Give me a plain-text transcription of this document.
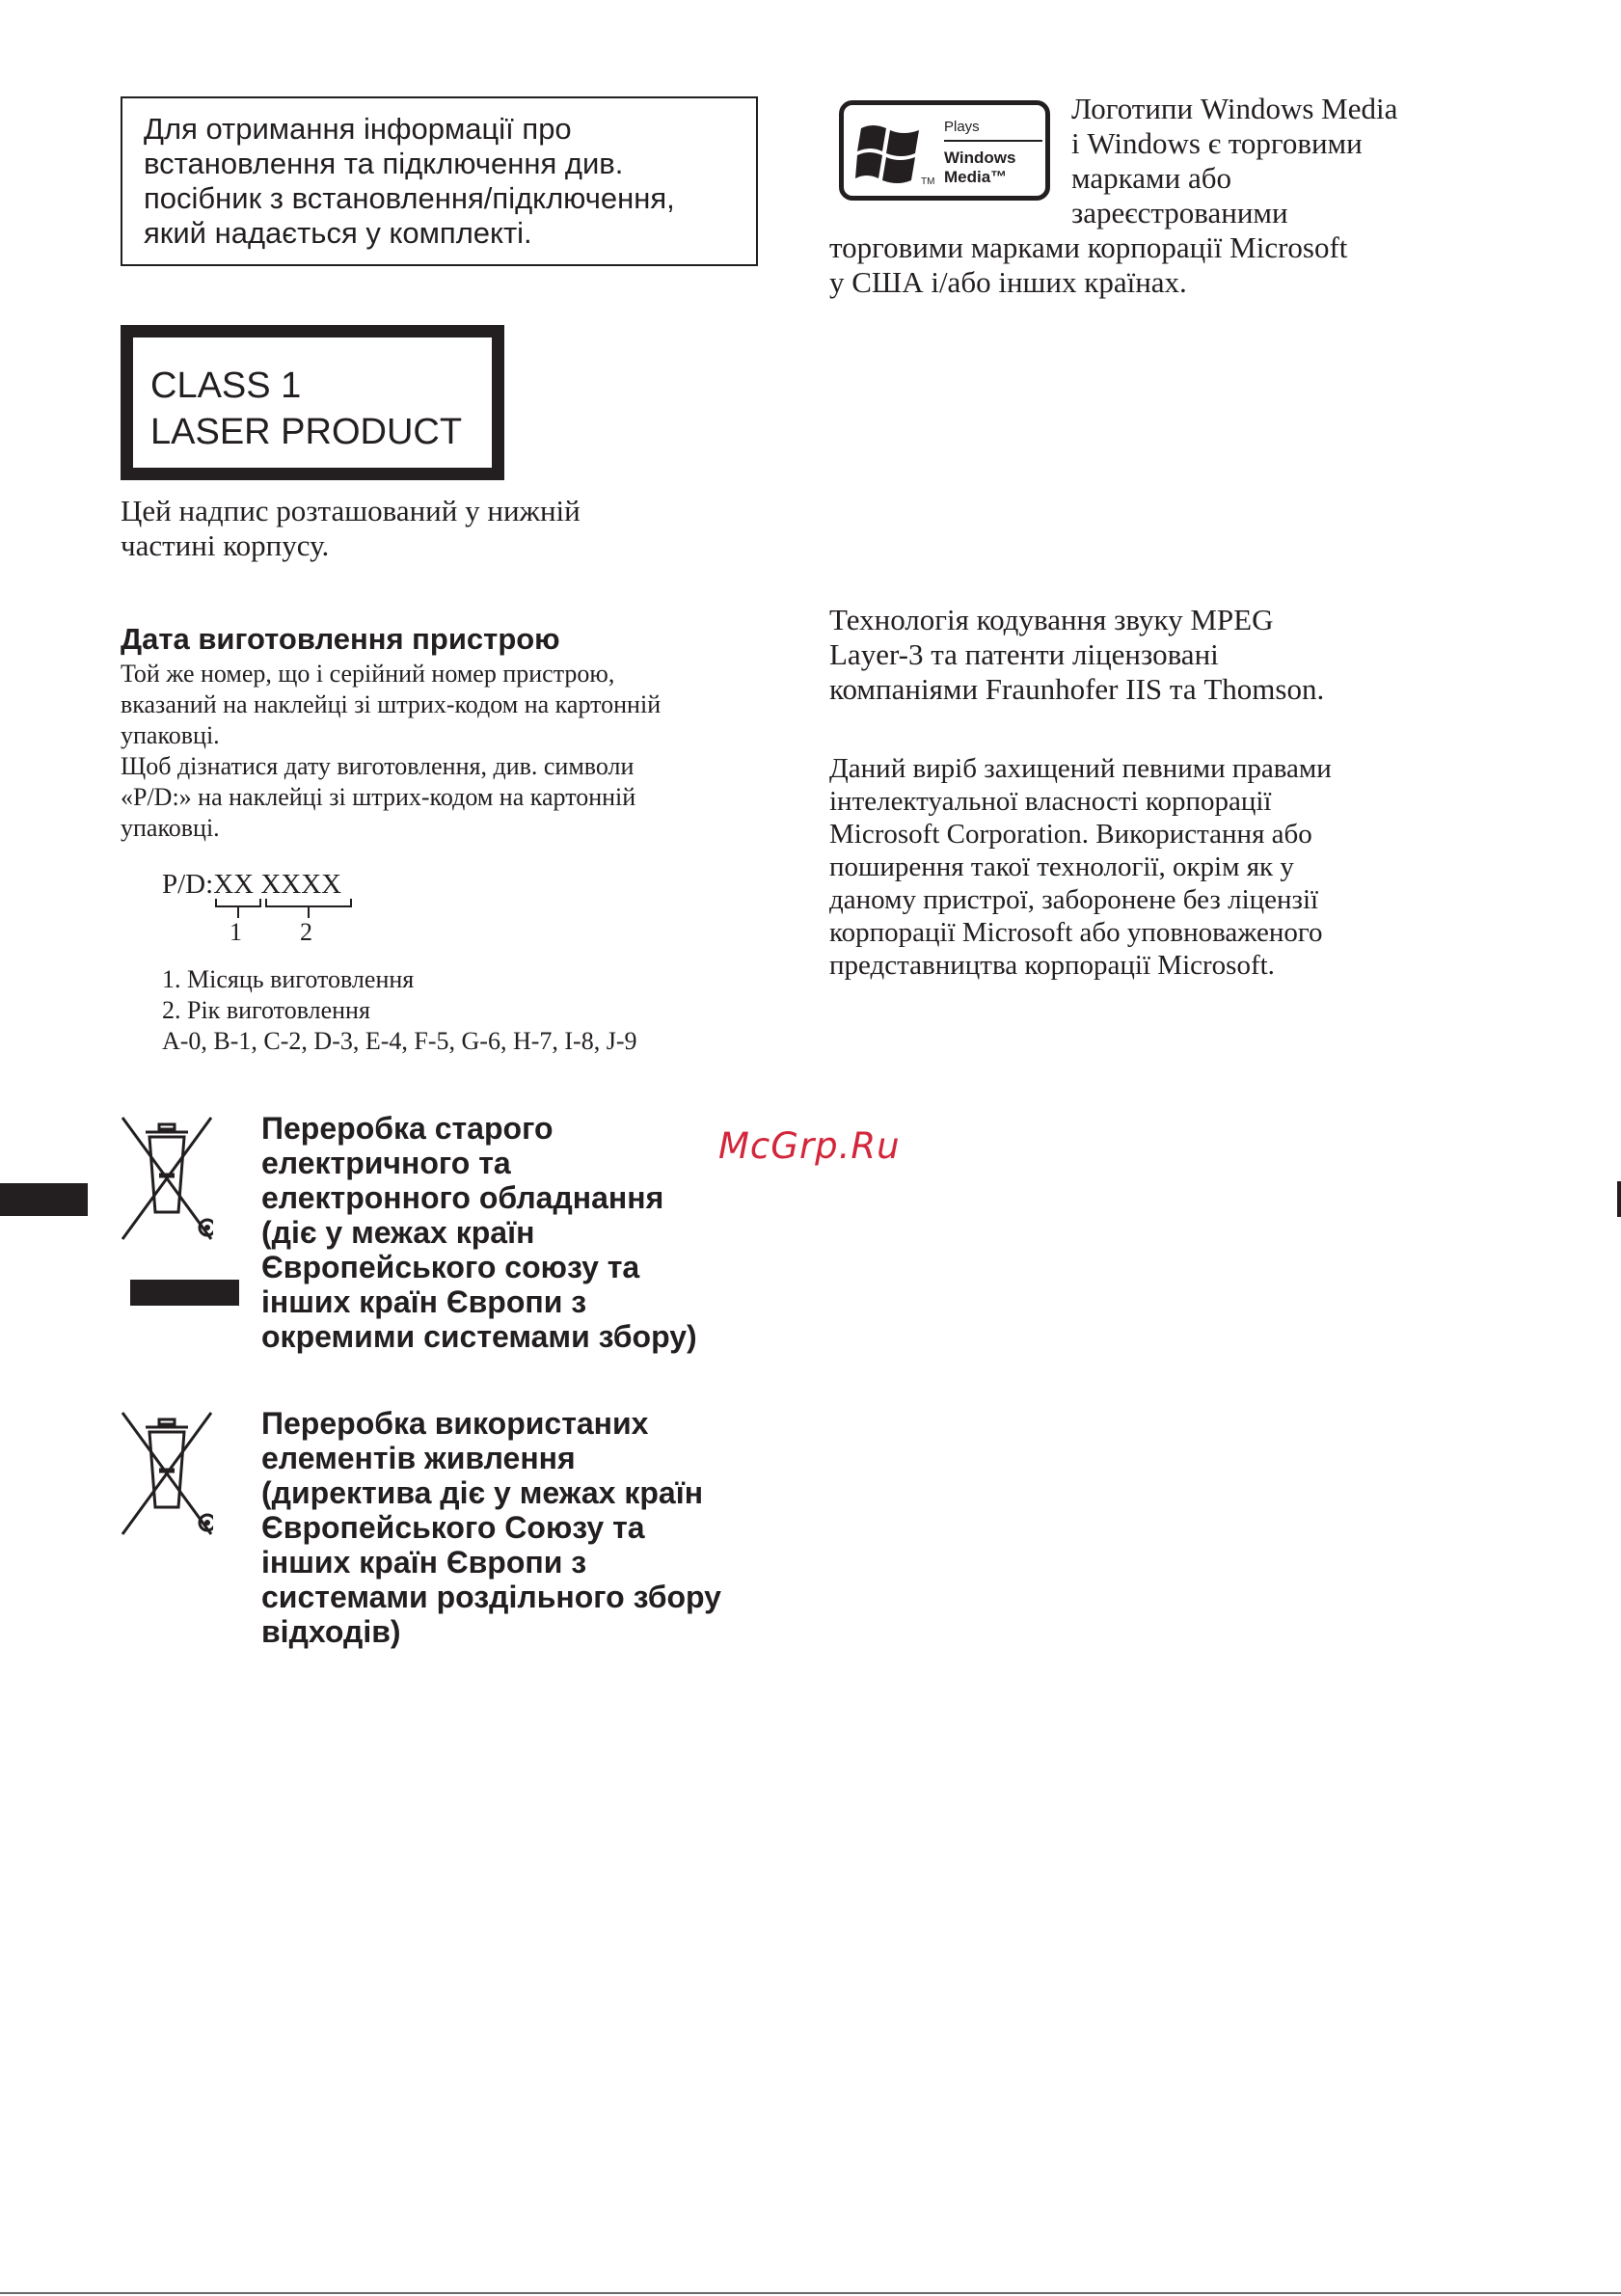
Для отримання інформації про
встановлення та підключення див.
посібник з встановлення/підключення,
який надається у комплекті.
CLASS 1
LASER PRODUCT
Цей надпис розташований у нижній
частині корпусу.
Дата виготовлення пристрою
Той же номер, що і серійний номер пристрою,
вказаний на наклейці зі штрих-кодом на картонній
упаковці.
Щоб дізнатися дату виготовлення, див. символи
«P/D:» на наклейці зі штрих-кодом на картонній
упаковці.
P/D:XX XXXX
1 2
1. Місяць виготовлення
2. Рік виготовлення
A-0, B-1, C-2, D-3, E-4, F-5, G-6, H-7, I-8, J-9
Переробка старого
електричного та
електронного обладнання
(діє у межах країн
Європейського союзу та
інших країн Європи з
окремими системами збору)
Переробка використаних
елементів живлення
(директива діє у межах країн
Європейського Союзу та
інших країн Європи з
системами роздільного збору
відходів)
Plays
Windows
Media™
TM
Логотипи Windows Media
і Windows є торговими
марками або
зареєстрованими
торговими марками корпорації Microsoft
у США і/або інших країнах.
Технологія кодування звуку MPEG
Layer-3 та патенти ліцензовані
компаніями Fraunhofer IIS та Thomson.
Даний виріб захищений певними правами
інтелектуальної власності корпорації
Microsoft Corporation. Використання або
поширення такої технології, окрім як у
даному пристрої, заборонене без ліцензії
корпорації Microsoft або уповноваженого
представництва корпорації Microsoft.
McGrp.Ru
